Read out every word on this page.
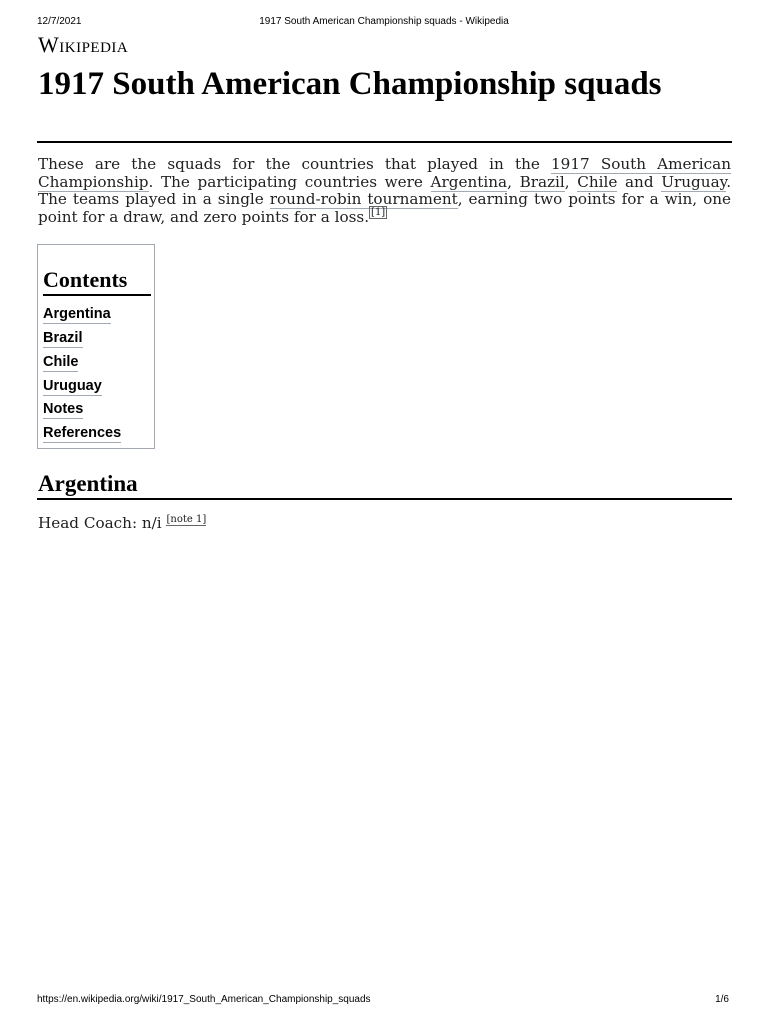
12/7/2021	1917 South American Championship squads - Wikipedia
Wikipedia
1917 South American Championship squads

These are the squads for the countries that played in the 1917 South American Championship. The participating countries were Argentina, Brazil, Chile and Uruguay. The teams played in a single round-robin tournament, earning two points for a win, one point for a draw, and zero points for a loss. [1]

Contents
Argentina
Brazil
Chile
Uruguay
Notes
References
Argentina

Head Coach: n/i [note 1]

https://en.wikipedia.org/wiki/1917_South_American_Championship_squads	1/6
